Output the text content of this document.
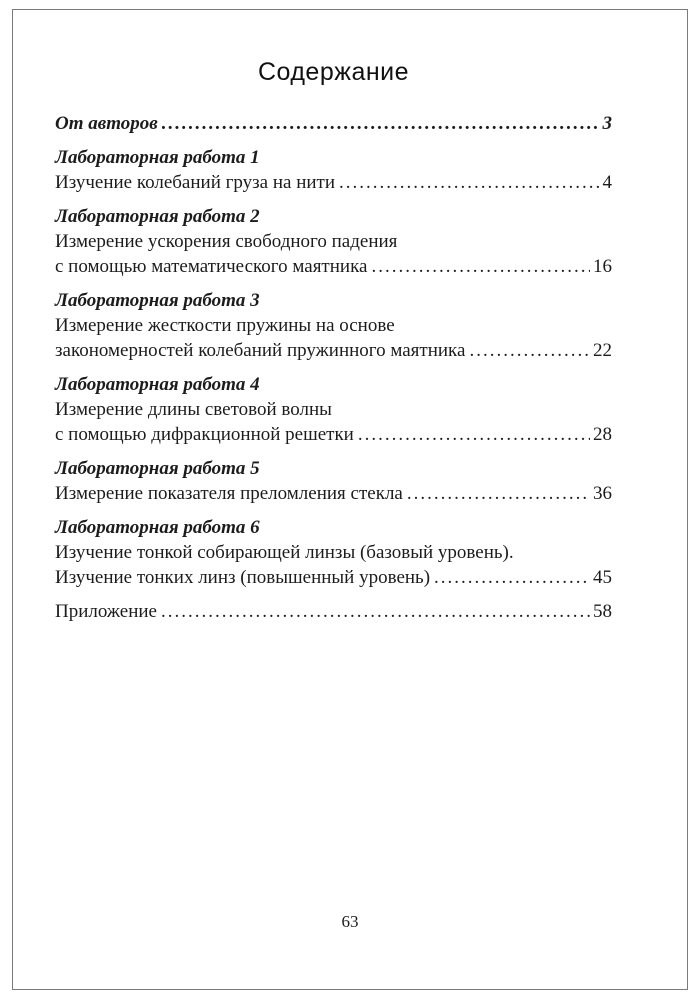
Содержание
От авторов .....	3
Лабораторная работа 1
Изучение колебаний груза на нити .....	4
Лабораторная работа 2
Измерение ускорения свободного падения
с помощью математического маятника .....	16
Лабораторная работа 3
Измерение жесткости пружины на основе
закономерностей колебаний пружинного маятника .....	22
Лабораторная работа 4
Измерение длины световой волны
с помощью дифракционной решетки .....	28
Лабораторная работа 5
Измерение показателя преломления стекла .....	36
Лабораторная работа 6
Изучение тонкой собирающей линзы (базовый уровень).
Изучение тонких линз (повышенный уровень) .....	45
Приложение .....	58
63
